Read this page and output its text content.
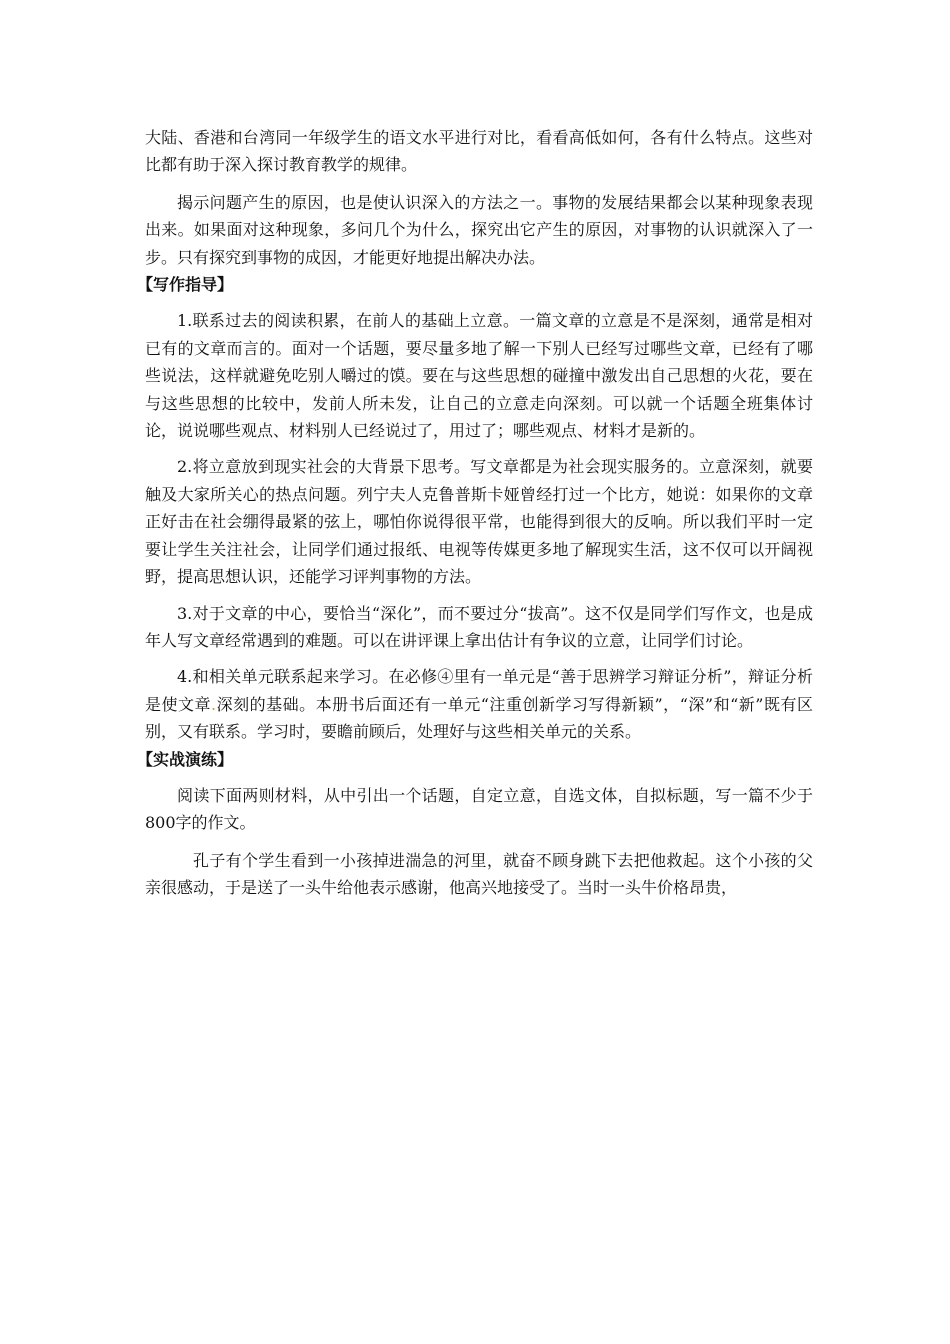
大陆、香港和台湾同一年级学生的语文水平进行对比，看看高低如何，各有什么特点。这些对比都有助于深入探讨教育教学的规律。

揭示问题产生的原因，也是使认识深入的方法之一。事物的发展结果都会以某种现象表现出来。如果面对这种现象，多问几个为什么，探究出它产生的原因，对事物的认识就深入了一步。只有探究到事物的成因，才能更好地提出解决办法。

【写作指导】

1.联系过去的阅读积累，在前人的基础上立意。一篇文章的立意是不是深刻，通常是相对已有的文章而言的。面对一个话题，要尽量多地了解一下别人已经写过哪些文章，已经有了哪些说法，这样就避免吃别人嚼过的馍。要在与这些思想的碰撞中激发出自己思想的火花，要在与这些思想的比较中，发前人所未发，让自己的立意走向深刻。可以就一个话题全班集体讨论，说说哪些观点、材料别人已经说过了，用过了；哪些观点、材料才是新的。

2.将立意放到现实社会的大背景下思考。写文章都是为社会现实服务的。立意深刻，就要触及大家所关心的热点问题。列宁夫人克鲁普斯卡娅曾经打过一个比方，她说：如果你的文章正好击在社会绷得最紧的弦上，哪怕你说得很平常，也能得到很大的反响。所以我们平时一定要让学生关注社会，让同学们通过报纸、电视等传媒更多地了解现实生活，这不仅可以开阔视野，提高思想认识，还能学习评判事物的方法。

3.对于文章的中心，要恰当“深化”，而不要过分“拔高”。这不仅是同学们写作文，也是成年人写文章经常遇到的难题。可以在讲评课上拿出估计有争议的立意，让同学们讨论。

4.和相关单元联系起来学习。在必修④里有一单元是“善于思辨学习辩证分析”，辩证分析是使文章.深刻的基础。本册书后面还有一单元“注重创新学习写得新颖”，“深”和“新”既有区别，又有联系。学习时，要瞻前顾后，处理好与这些相关单元的关系。

【实战演练】

阅读下面两则材料，从中引出一个话题，自定立意，自选文体，自拟标题，写一篇不少于800字的作文。

孔子有个学生看到一小孩掉进湍急的河里，就奋不顾身跳下去把他救起。这个小孩的父亲很感动，于是送了一头牛给他表示感谢，他高兴地接受了。当时一头牛价格昂贵，
